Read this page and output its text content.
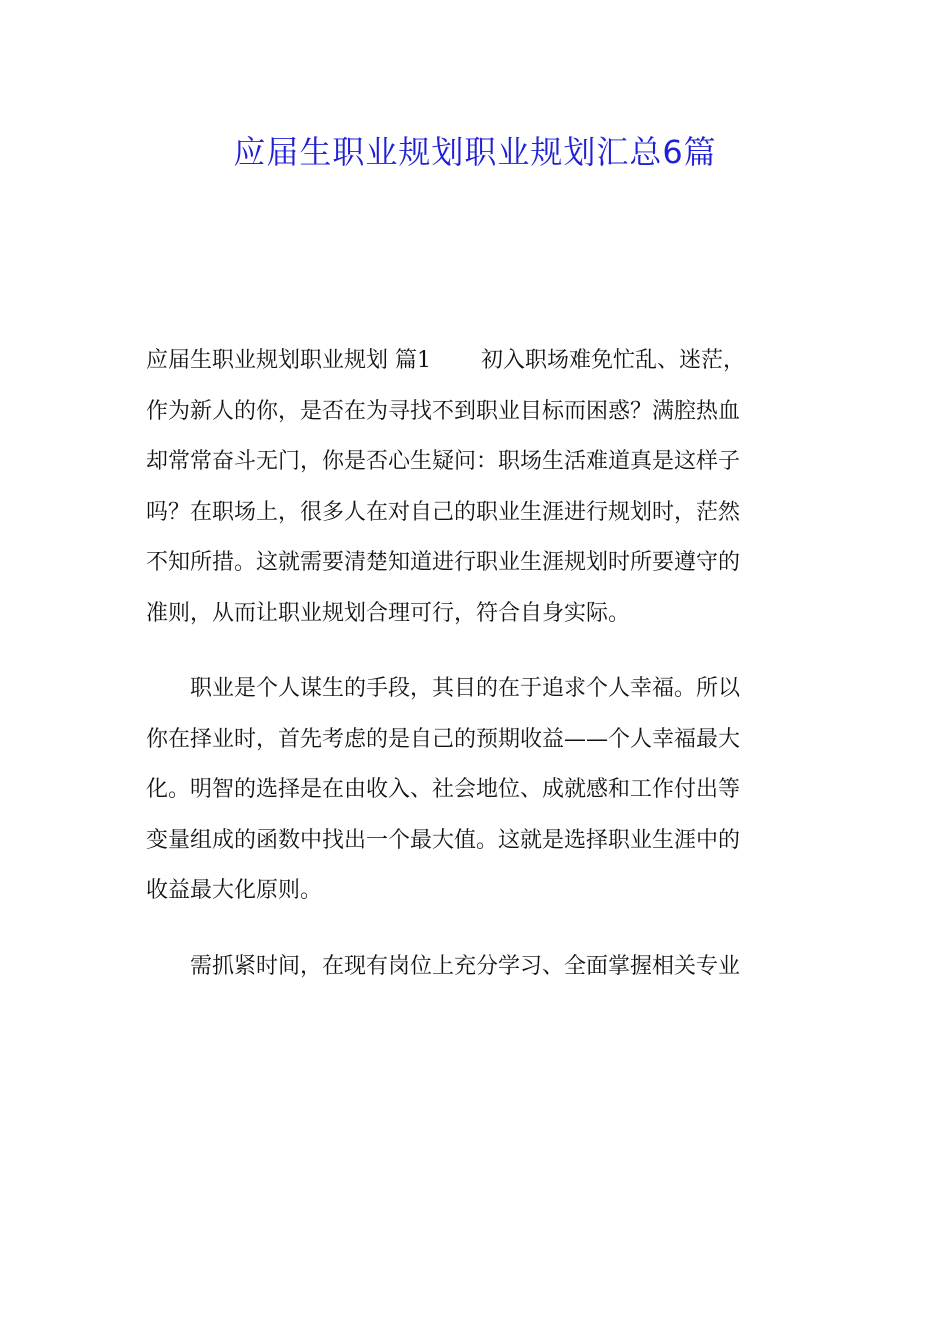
应届生职业规划职业规划汇总6篇
应届生职业规划职业规划 篇1 初入职场难免忙乱、迷茫，
作为新人的你，是否在为寻找不到职业目标而困惑？满腔热血
却常常奋斗无门，你是否心生疑问：职场生活难道真是这样子
吗？在职场上，很多人在对自己的职业生涯进行规划时，茫然
不知所措。这就需要清楚知道进行职业生涯规划时所要遵守的
准则，从而让职业规划合理可行，符合自身实际。
职业是个人谋生的手段，其目的在于追求个人幸福。所以
你在择业时，首先考虑的是自己的预期收益——个人幸福最大
化。明智的选择是在由收入、社会地位、成就感和工作付出等
变量组成的函数中找出一个最大值。这就是选择职业生涯中的
收益最大化原则。
需抓紧时间，在现有岗位上充分学习、全面掌握相关专业
